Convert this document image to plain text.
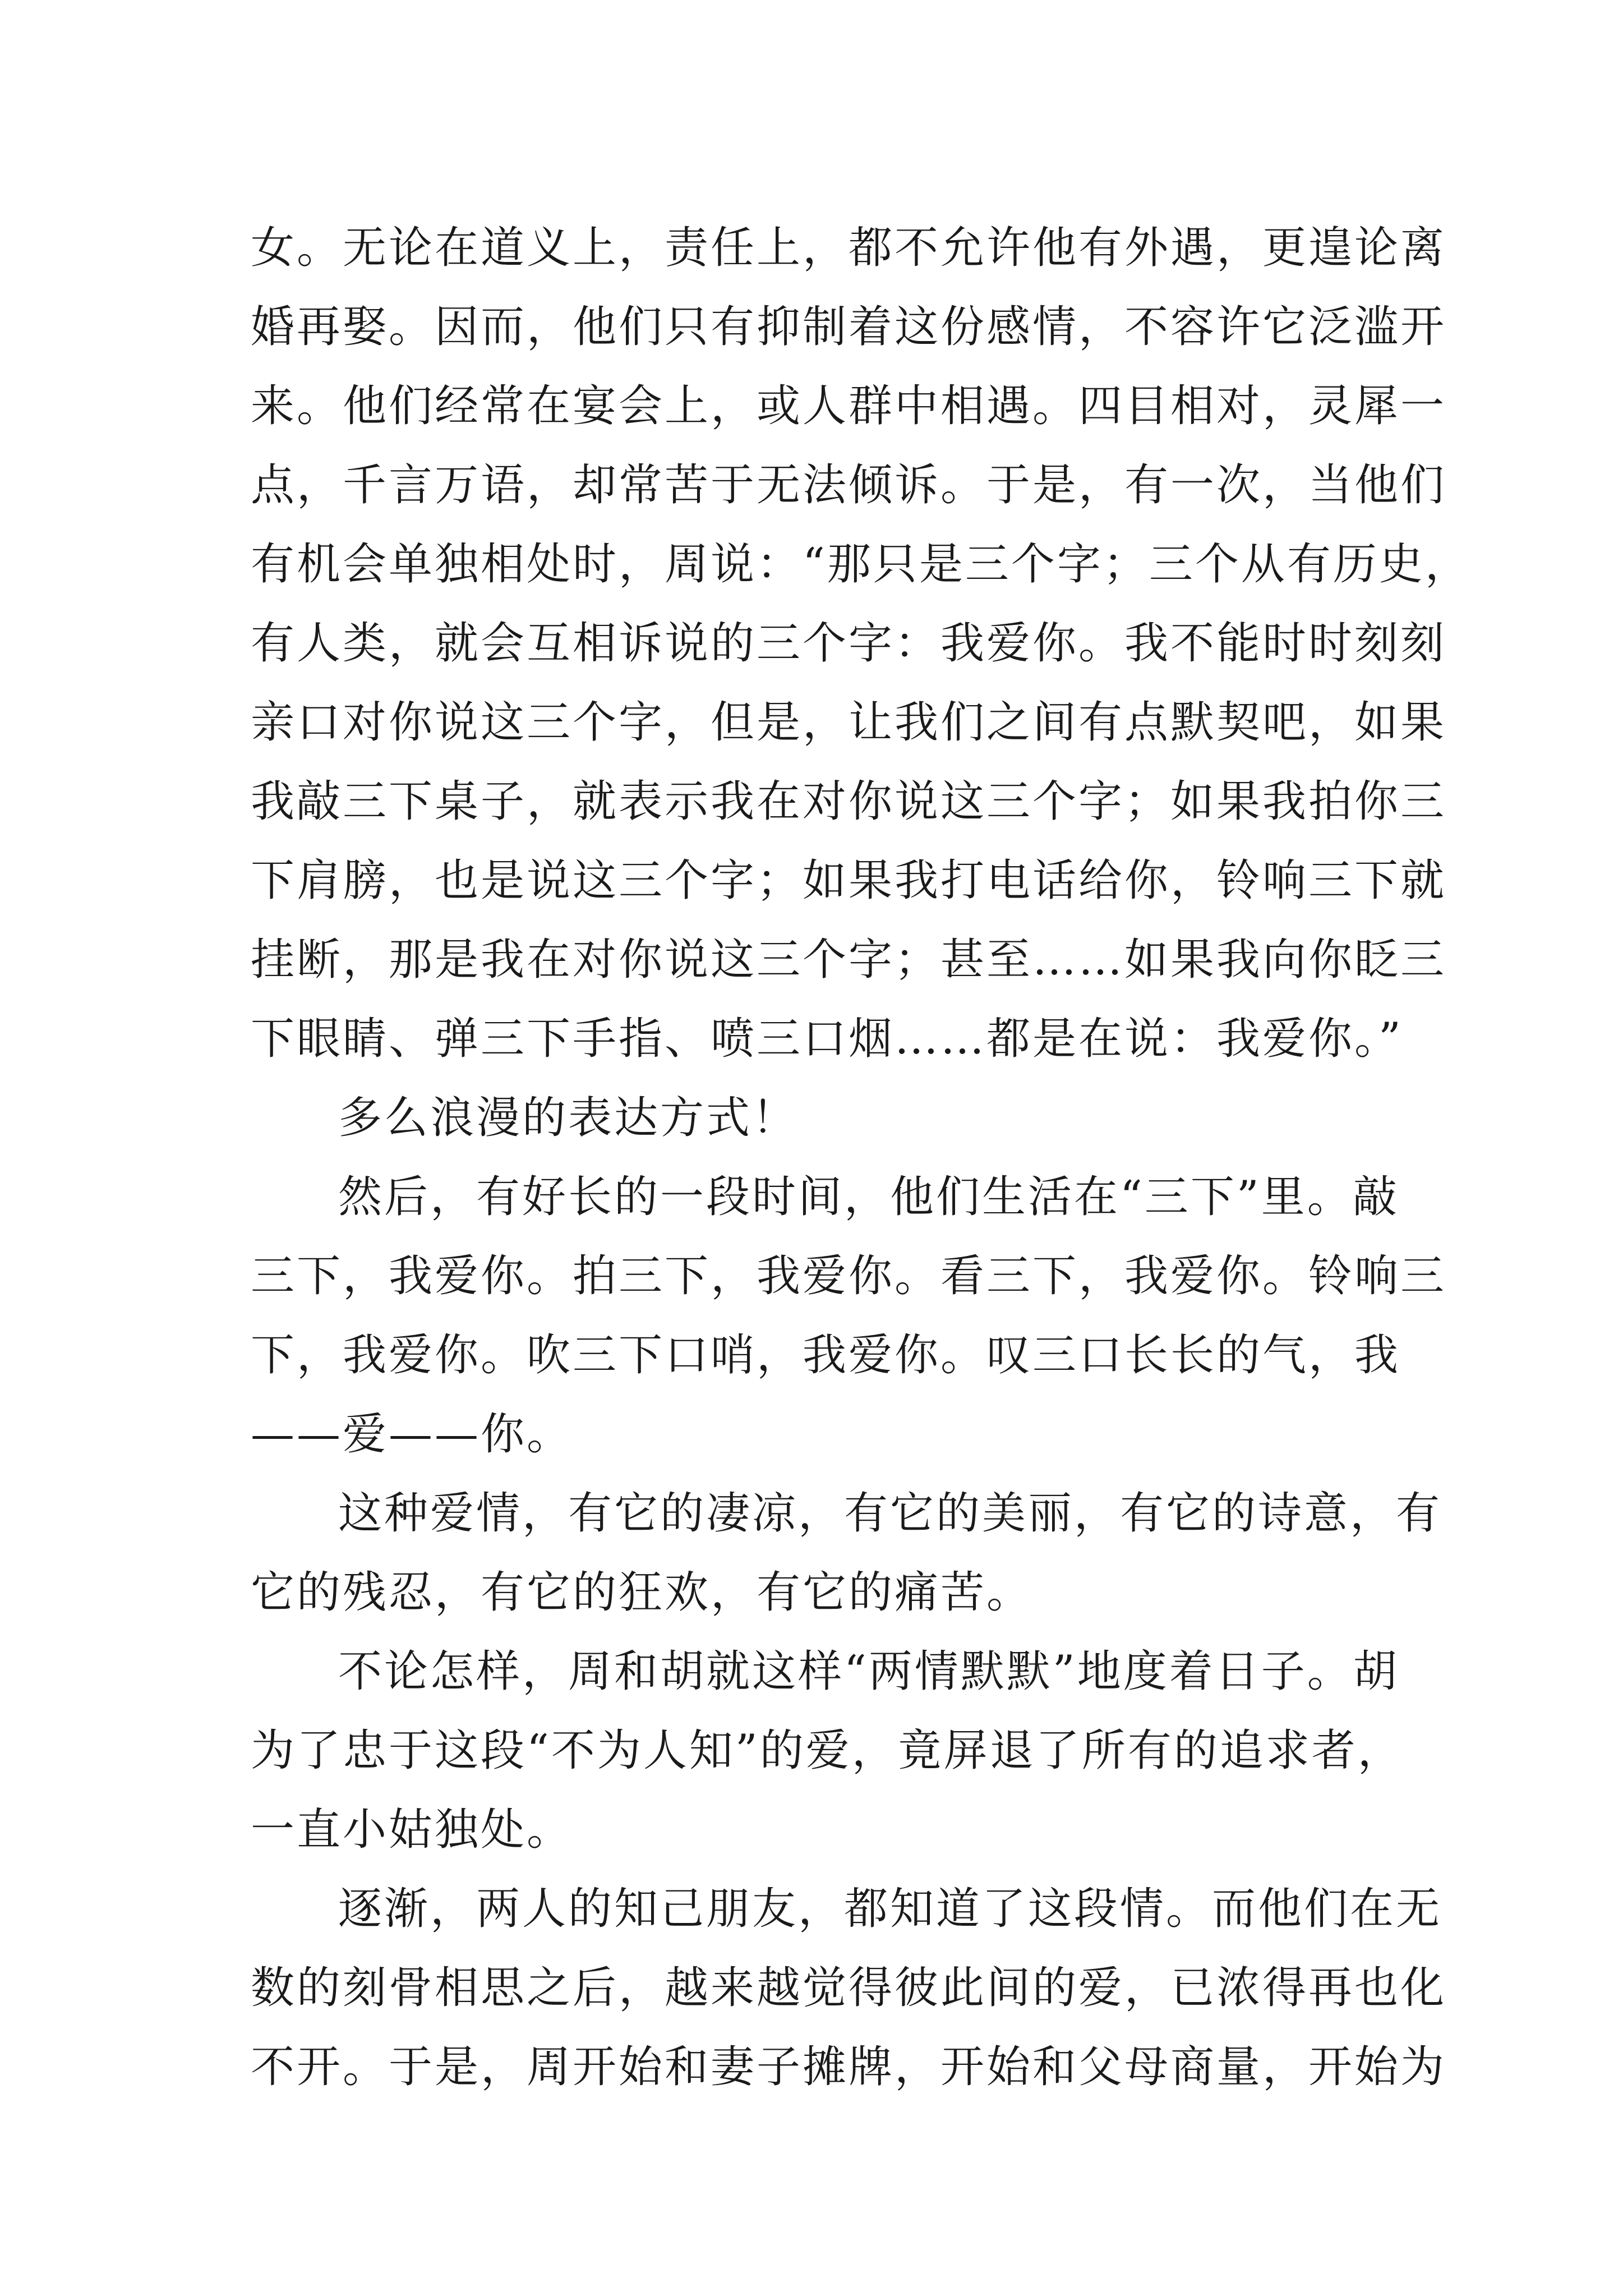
女。无论在道义上，责任上，都不允许他有外遇，更遑论离
婚再娶。因而，他们只有抑制着这份感情，不容许它泛滥开
来。他们经常在宴会上，或人群中相遇。四目相对，灵犀一
点，千言万语，却常苦于无法倾诉。于是，有一次，当他们
有机会单独相处时，周说：“那只是三个字；三个从有历史，
有人类，就会互相诉说的三个字：我爱你。我不能时时刻刻
亲口对你说这三个字，但是，让我们之间有点默契吧，如果
我敲三下桌子，就表示我在对你说这三个字；如果我拍你三
下肩膀，也是说这三个字；如果我打电话给你，铃响三下就
挂断，那是我在对你说这三个字；甚至……如果我向你眨三
下眼睛、弹三下手指、喷三口烟……都是在说：我爱你。”
多么浪漫的表达方式！
然后，有好长的一段时间，他们生活在“三下”里。敲
三下，我爱你。拍三下，我爱你。看三下，我爱你。铃响三
下，我爱你。吹三下口哨，我爱你。叹三口长长的气，我
——爱——你。
这种爱情，有它的凄凉，有它的美丽，有它的诗意，有
它的残忍，有它的狂欢，有它的痛苦。
不论怎样，周和胡就这样“两情默默”地度着日子。胡
为了忠于这段“不为人知”的爱，竟屏退了所有的追求者，
一直小姑独处。
逐渐，两人的知己朋友，都知道了这段情。而他们在无
数的刻骨相思之后，越来越觉得彼此间的爱，已浓得再也化
不开。于是，周开始和妻子摊牌，开始和父母商量，开始为
